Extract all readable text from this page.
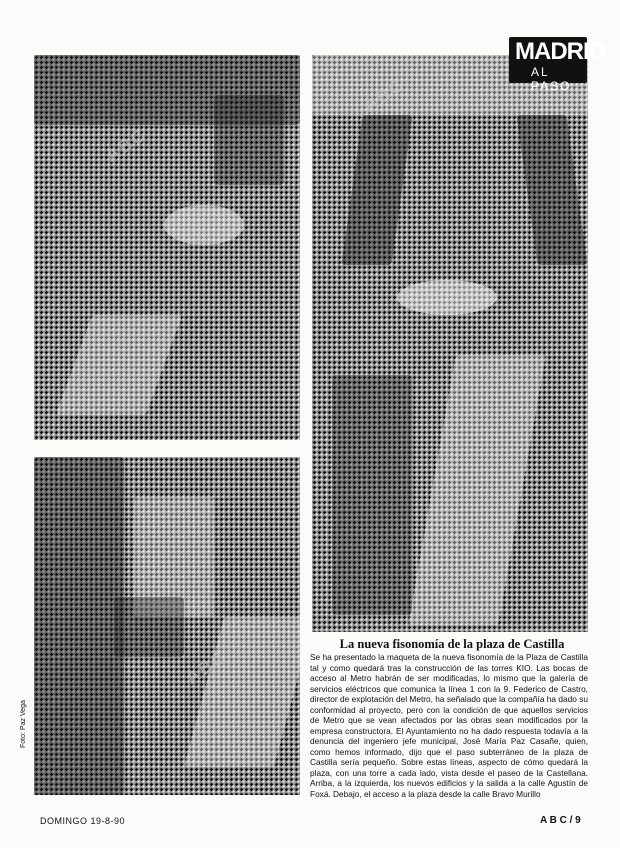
ABC
ABC
ABC
MADRID
AL PASO
La nueva fisonomía de la plaza de Castilla
Se ha presentado la maqueta de la nueva fisonomía de la Plaza de Castilla tal y como quedará tras la construcción de las torres KIO. Las bocas de acceso al Metro habrán de ser modificadas, lo mismo que la galería de servicios eléctricos que comunica la línea 1 con la 9. Federico de Castro, director de explotación del Metro, ha señalado que la compañía ha dado su conformidad al proyecto, pero con la condición de que aquellos servicios de Metro que se vean afectados por las obras sean modificados por la empresa constructora. El Ayuntamiento no ha dado respuesta todavía a la denuncia del ingeniero jefe municipal, José María Paz Casañe, quien, como hemos informado, dijo que el paso subterráneo de la plaza de Castilla sería pequeño. Sobre estas líneas, aspecto de cómo quedará la plaza, con una torre a cada lado, vista desde el paseo de la Castellana. Arriba, a la izquierda, los nuevos edificios y la salida a la calle Agustín de Foxá. Debajo, el acceso a la plaza desde la calle Bravo Murillo
Foto: Paz Vega
DOMINGO 19-8-90	A B C / 9
